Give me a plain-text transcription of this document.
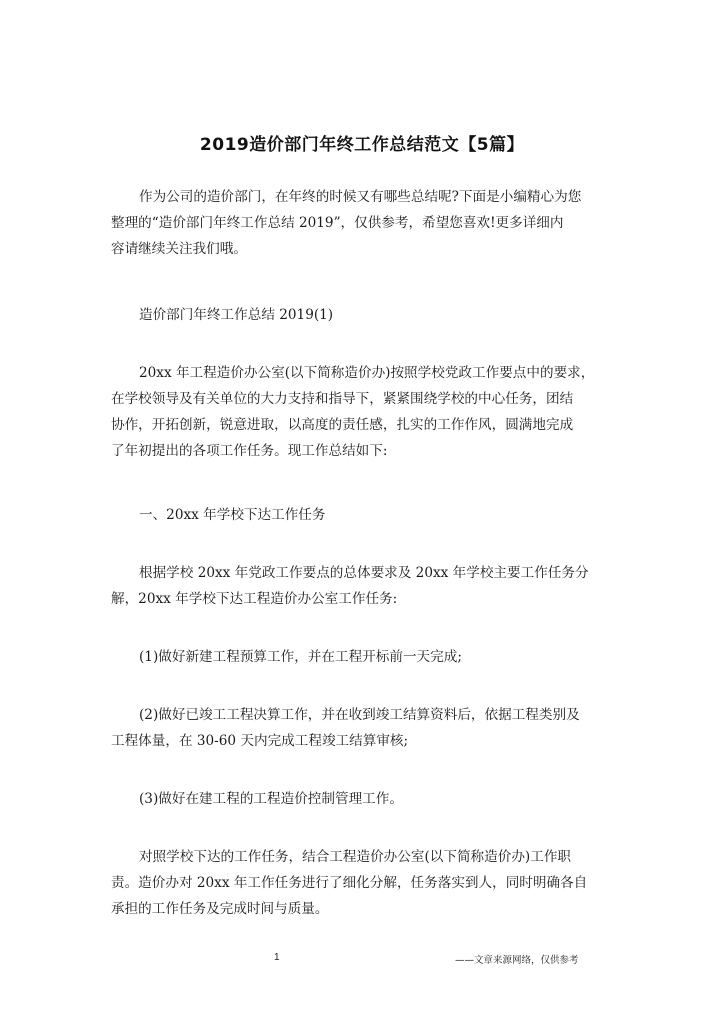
2019造价部门年终工作总结范文【5篇】

作为公司的造价部门，在年终的时候又有哪些总结呢?下面是小编精心为您
整理的“造价部门年终工作总结 2019”，仅供参考，希望您喜欢!更多详细内
容请继续关注我们哦。

造价部门年终工作总结 2019(1)

20xx 年工程造价办公室(以下简称造价办)按照学校党政工作要点中的要求，
在学校领导及有关单位的大力支持和指导下，紧紧围绕学校的中心任务，团结
协作，开拓创新，锐意进取，以高度的责任感，扎实的工作作风，圆满地完成
了年初提出的各项工作任务。现工作总结如下:

一、20xx 年学校下达工作任务

根据学校 20xx 年党政工作要点的总体要求及 20xx 年学校主要工作任务分
解，20xx 年学校下达工程造价办公室工作任务:

(1)做好新建工程预算工作，并在工程开标前一天完成;

(2)做好已竣工工程决算工作，并在收到竣工结算资料后，依据工程类别及
工程体量，在 30-60 天内完成工程竣工结算审核;

(3)做好在建工程的工程造价控制管理工作。

对照学校下达的工作任务，结合工程造价办公室(以下简称造价办)工作职
责。造价办对 20xx 年工作任务进行了细化分解，任务落实到人，同时明确各自
承担的工作任务及完成时间与质量。

1	——文章来源网络，仅供参考
